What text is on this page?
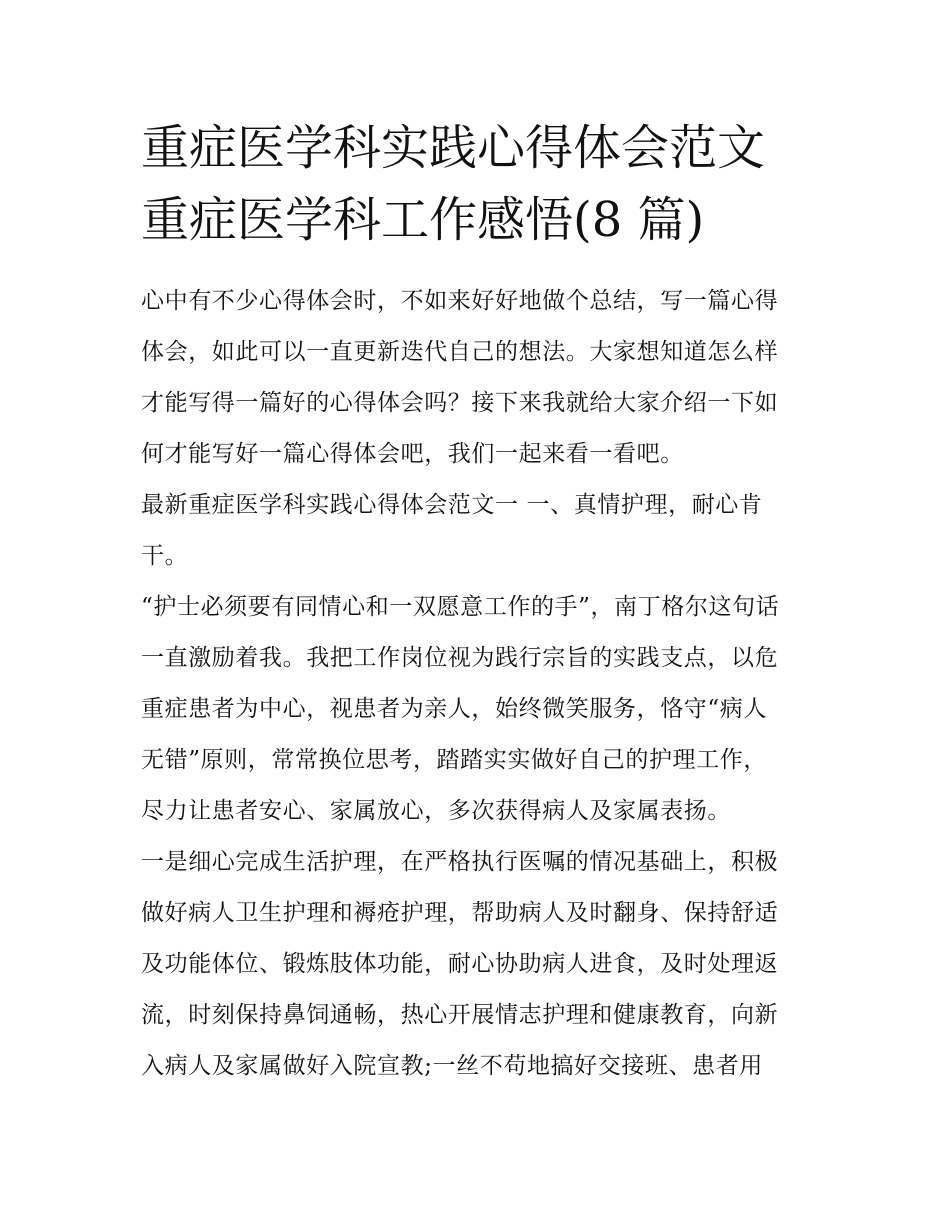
重症医学科实践心得体会范文
重症医学科工作感悟(8 篇)

心中有不少心得体会时，不如来好好地做个总结，写一篇心得
体会，如此可以一直更新迭代自己的想法。大家想知道怎么样
才能写得一篇好的心得体会吗？接下来我就给大家介绍一下如
何才能写好一篇心得体会吧，我们一起来看一看吧。

最新重症医学科实践心得体会范文一 一、真情护理，耐心肯
干。

“护士必须要有同情心和一双愿意工作的手”，南丁格尔这句话
一直激励着我。我把工作岗位视为践行宗旨的实践支点，以危
重症患者为中心，视患者为亲人，始终微笑服务，恪守“病人
无错”原则，常常换位思考，踏踏实实做好自己的护理工作，
尽力让患者安心、家属放心，多次获得病人及家属表扬。

一是细心完成生活护理，在严格执行医嘱的情况基础上，积极
做好病人卫生护理和褥疮护理，帮助病人及时翻身、保持舒适
及功能体位、锻炼肢体功能，耐心协助病人进食，及时处理返
流，时刻保持鼻饲通畅，热心开展情志护理和健康教育，向新
入病人及家属做好入院宣教;一丝不苟地搞好交接班、患者用
